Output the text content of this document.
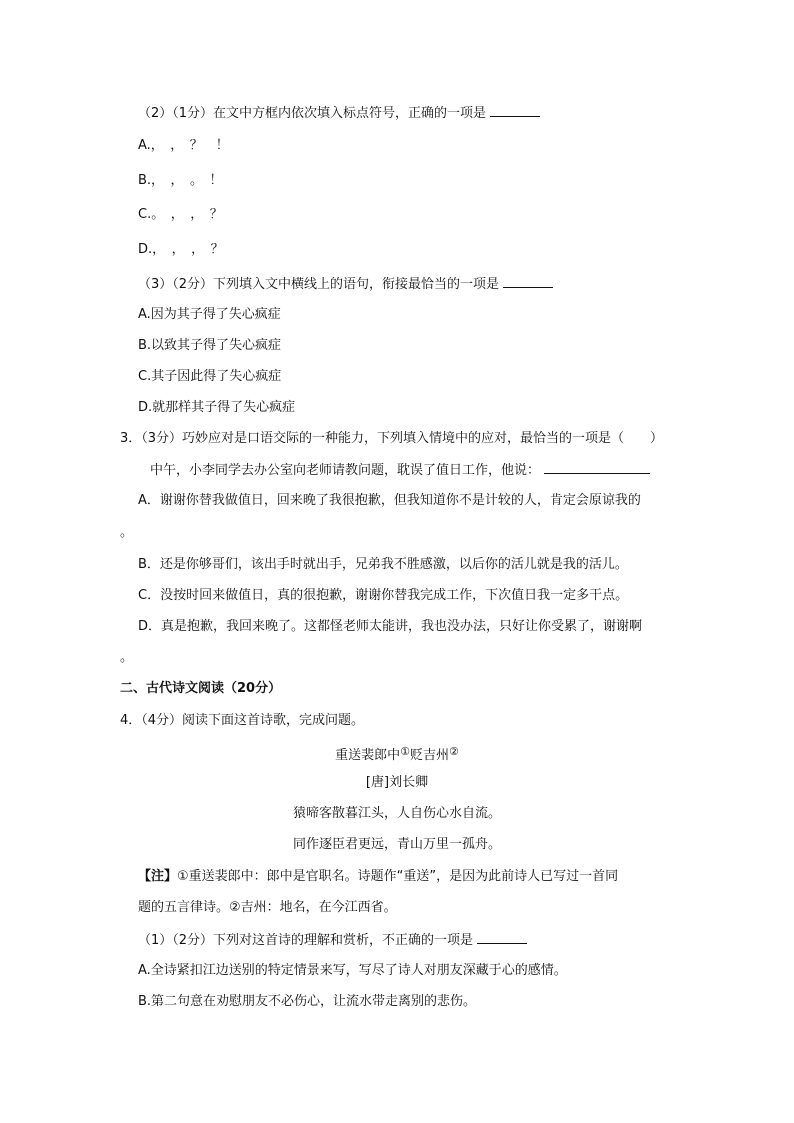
（2）（1分）在文中方框内依次填入标点符号，正确的一项是

A.，　，　？　！

B.，　，　。　！

C.。　，　，　？

D.，　，　，　？

（3）（2分）下列填入文中横线上的语句，衔接最恰当的一项是

A.因为其子得了失心疯症

B.以致其子得了失心疯症

C.其子因此得了失心疯症

D.就那样其子得了失心疯症

3．（3分）巧妙应对是口语交际的一种能力，下列填入情境中的应对，最恰当的一项是（　　）

中午，小李同学去办公室向老师请教问题，耽误了值日工作，他说：

A．谢谢你替我做值日，回来晚了我很抱歉，但我知道你不是计较的人，肯定会原谅我的

。

B．还是你够哥们，该出手时就出手，兄弟我不胜感激，以后你的活儿就是我的活儿。

C．没按时回来做值日，真的很抱歉，谢谢你替我完成工作，下次值日我一定多干点。

D．真是抱歉，我回来晚了。这都怪老师太能讲，我也没办法，只好让你受累了，谢谢啊

。

二、古代诗文阅读（20分）

4．（4分）阅读下面这首诗歌，完成问题。

重送裴郎中①贬吉州②
[唐]刘长卿
猿啼客散暮江头，人自伤心水自流。
同作逐臣君更远，青山万里一孤舟。

【注】①重送裴郎中：郎中是官职名。诗题作“重送”，是因为此前诗人已写过一首同

题的五言律诗。②吉州：地名，在今江西省。

（1）（2分）下列对这首诗的理解和赏析，不正确的一项是

A.全诗紧扣江边送别的特定情景来写，写尽了诗人对朋友深藏于心的感情。

B.第二句意在劝慰朋友不必伤心，让流水带走离别的悲伤。
